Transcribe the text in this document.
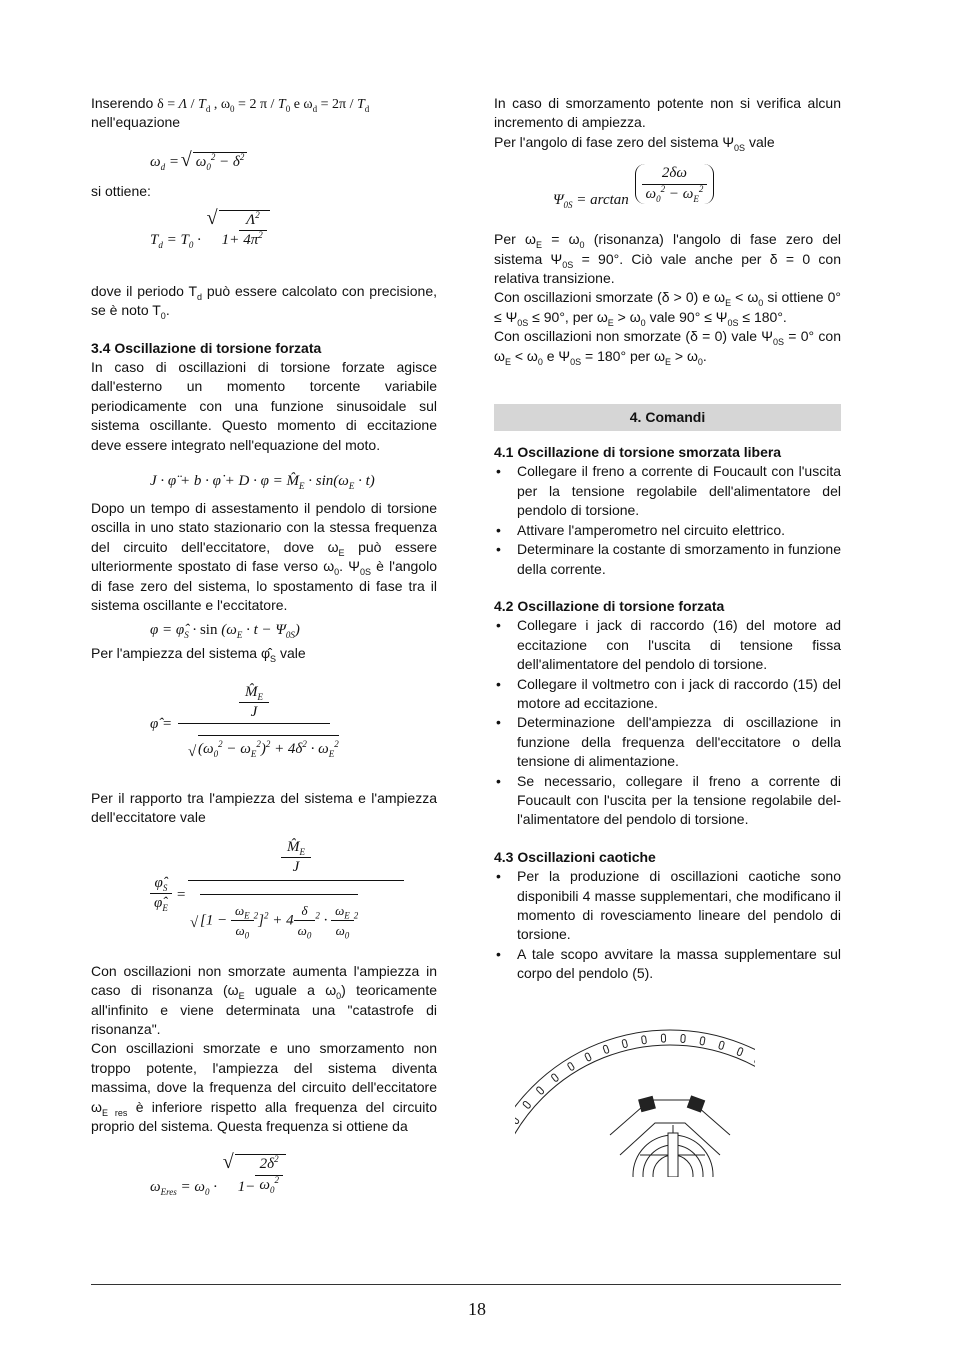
Inserendo $\delta = \Lambda / T_d$ , $\omega_0 = 2$ π / $T_0$ e $\omega_d = 2\pi / T_d$

nell'equazione

$\omega_d$ = √ $\omega_0^2 - \delta^2$

si ottiene:

$T_d = T_0$ · √ $1+ \frac{\Lambda^2}{4\pi^2}$

dove il periodo $T_d$ può essere calcolato con precisione, se è noto $T_0$.

3.4 Oscillazione di torsione forzata

In caso di oscillazioni di torsione forzate agisce dall'esterno un momento torcente variabile periodicamente con una funzione sinusoidale sul sistema oscillante. Questo momento di eccitazione deve essere integrato nell'equazione del moto.

J · φ̈ + b · φ̇ + $D \cdot \varphi = M̂_E \cdot \sin(\omega_E \cdot t)$

Dopo un tempo di assestamento il pendolo di torsione oscilla in uno stato stazionario con la stessa frequenza del circuito dell'eccitatore, dove $\omega_E$ può essere ulteriormente spostato di fase verso $\omega_0$. $\Psi_{0S}$ è l'angolo di fase zero del sistema, lo spostamento di fase tra il sistema oscillante e l'eccitatore.

$\varphi = \varphî_S \cdot \sin (\omega_E \cdot t - \Psi_{0S})$

Per l'ampiezza del sistema $\varphî_S$ vale

φ̂ =
$M̂_E$
J
√ $(\omega_0^2 - \omega_E^2)^2 + 4\delta^2 \cdot \omega_E^2$

Per il rapporto tra l'ampiezza del sistema e l'ampiezza dell'eccitatore vale

$\frac{\varphî_S}{\varphî_E}$ =
$M̂_E$
J
√ $[1 - \frac{\omega_E}{\omega_0} ^2]^2 + 4 \frac{\delta}{\omega_0} ^2 \cdot \frac{\omega_E}{\omega_0} ^2$

Con oscillazioni non smorzate aumenta l'ampiezza in caso di risonanza ($\omega_E$ uguale a $\omega_0$) teoricamente all'infinito e viene determinata una "catastrofe di risonanza".

Con oscillazioni smorzate e uno smorzamento non troppo potente, l'ampiezza del sistema diventa massima, dove la frequenza del circuito dell'eccitatore $\omega_{E res}$ è inferiore rispetto alla frequenza del circuito proprio del sistema. Questa frequenza si ottiene da

$\omega_{Eres} = \omega_0$ · √ $1- \frac{2\delta^2}{\omega_0^2}$

In caso di smorzamento potente non si verifica alcun incremento di ampiezza.

Per l'angolo di fase zero del sistema $\Psi_{0S}$ vale

$\Psi_{0S} = \arctan \frac{2\delta\omega}{\omega_0^2 - \omega_E^2}$

Per $\omega_E = \omega_0$ (risonanza) l'angolo di fase zero del sistema $\Psi_{0S} = 90^\circ$. Ciò vale anche per δ = 0 con relativa transizione.

Con oscillazioni smorzate (δ > 0) e $\omega_E < \omega_0$ si ottiene $0^\circ \le \Psi_{0S} \le 90^\circ$, per $\omega_E > \omega_0$ vale $90^\circ \le \Psi_{0S} \le 180^\circ$.

Con oscillazioni non smorzate (δ = 0) vale $\Psi_{0S} = 0^\circ$ con $\omega_E < \omega_0$ e $\Psi_{0S} = 180^\circ$ per $\omega_E > \omega_0$.

4. Comandi

4.1 Oscillazione di torsione smorzata libera

• Collegare il freno a corrente di Foucault con l'uscita per la tensione regolabile dell'alimentatore del pendolo di torsione.
• Attivare l'amperometro nel circuito elettrico.
• Determinare la costante di smorzamento in funzione della corrente.

4.2 Oscillazione di torsione forzata

• Collegare i jack di raccordo (16) del motore ad eccitazione con l'uscita di tensione fissa dell'alimentatore del pendolo di torsione.
• Collegare il voltmetro con i jack di raccordo (15) del motore ad eccitazione.
• Determinazione dell'ampiezza di oscillazione in funzione della frequenza dell'eccitatore o della tensione di alimentazione.
• Se necessario, collegare il freno a corrente di Foucault con l'uscita per la tensione regolabile del-l'alimentatore del pendolo di torsione.

4.3 Oscillazioni caotiche

• Per la produzione di oscillazioni caotiche sono disponibili 4 masse supplementari, che modificano il momento di rovesciamento lineare del pendolo di torsione.
• A tale scopo avvitare la massa supplementare sul corpo del pendolo (5).
18
